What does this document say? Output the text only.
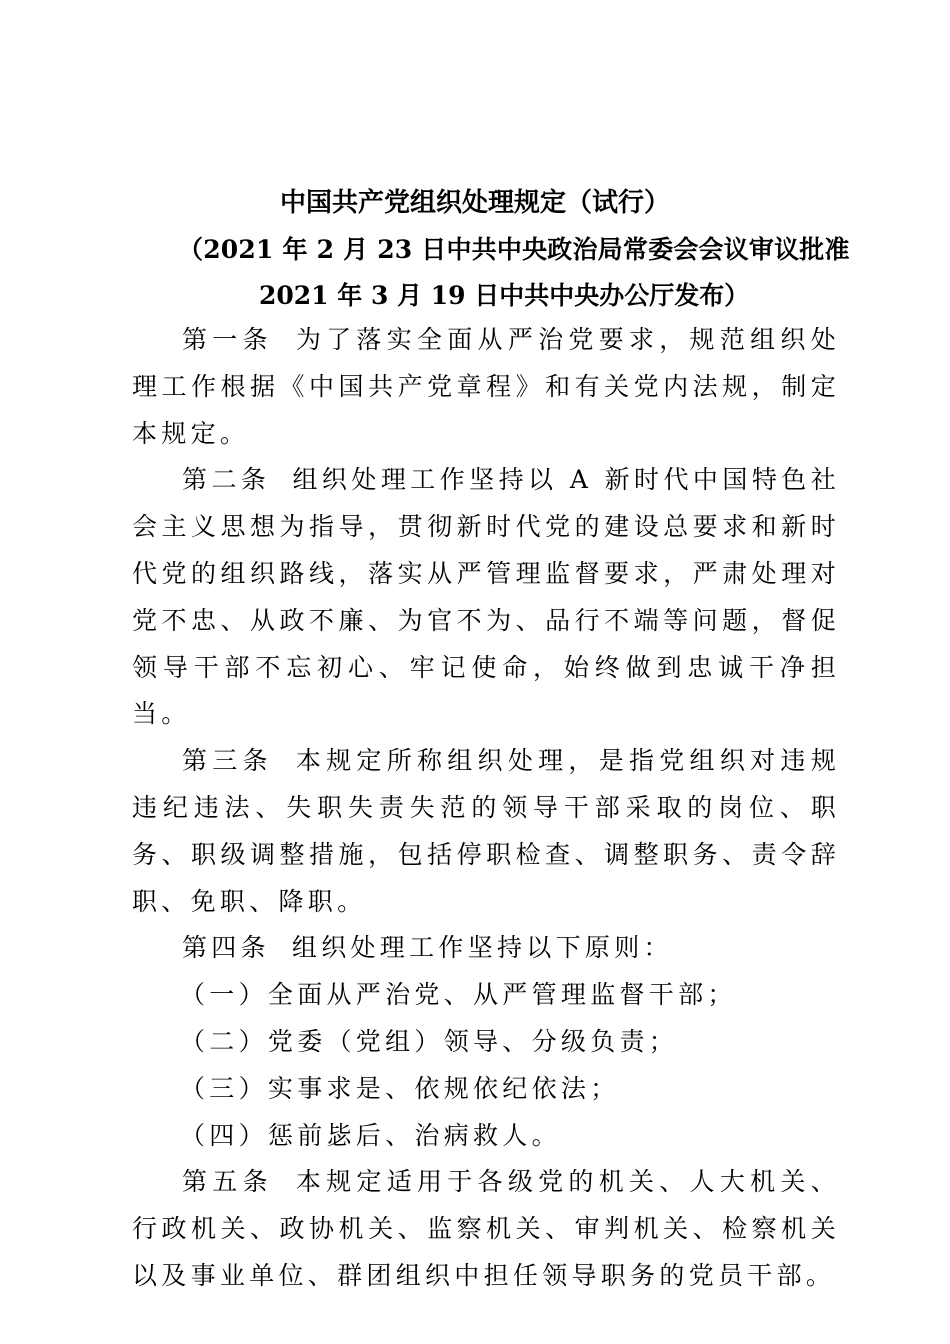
中国共产党组织处理规定（试行）
（2021 年 2 月 23 日中共中央政治局常委会会议审议批准
2021 年 3 月 19 日中共中央办公厅发布）

第一条 为了落实全面从严治党要求，规范组织处理工作根据《中国共产党章程》和有关党内法规，制定本规定。

第二条 组织处理工作坚持以 A 新时代中国特色社会主义思想为指导，贯彻新时代党的建设总要求和新时代党的组织路线，落实从严管理监督要求，严肃处理对党不忠、从政不廉、为官不为、品行不端等问题，督促领导干部不忘初心、牢记使命，始终做到忠诚干净担当。

第三条 本规定所称组织处理，是指党组织对违规违纪违法、失职失责失范的领导干部采取的岗位、职务、职级调整措施，包括停职检查、调整职务、责令辞职、免职、降职。

第四条 组织处理工作坚持以下原则：

（一）全面从严治党、从严管理监督干部；

（二）党委（党组）领导、分级负责；

（三）实事求是、依规依纪依法；

（四）惩前毖后、治病救人。

第五条 本规定适用于各级党的机关、人大机关、行政机关、政协机关、监察机关、审判机关、检察机关以及事业单位、群团组织中担任领导职务的党员干部。
